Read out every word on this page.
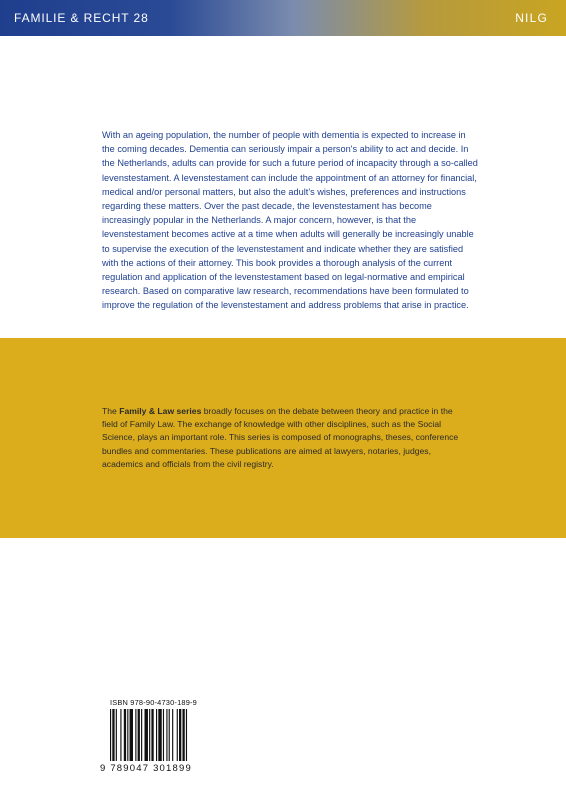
FAMILIE & RECHT 28	NILG

With an ageing population, the number of people with dementia is expected to increase in the coming decades. Dementia can seriously impair a person's ability to act and decide. In the Netherlands, adults can provide for such a future period of incapacity through a so-called levenstestament. A levenstestament can include the appointment of an attorney for financial, medical and/or personal matters, but also the adult's wishes, preferences and instructions regarding these matters. Over the past decade, the levenstestament has become increasingly popular in the Netherlands. A major concern, however, is that the levenstestament becomes active at a time when adults will generally be increasingly unable to supervise the execution of the levenstestament and indicate whether they are satisfied with the actions of their attorney. This book provides a thorough analysis of the current regulation and application of the levenstestament based on legal-normative and empirical research. Based on comparative law research, recommendations have been formulated to improve the regulation of the levenstestament and address problems that arise in practice.

The Family & Law series broadly focuses on the debate between theory and practice in the field of Family Law. The exchange of knowledge with other disciplines, such as the Social Science, plays an important role. This series is composed of monographs, theses, conference bundles and commentaries. These publications are aimed at lawyers, notaries, judges, academics and officials from the civil registry.

ISBN 978-90-4730-189-9
9 789047 301899
